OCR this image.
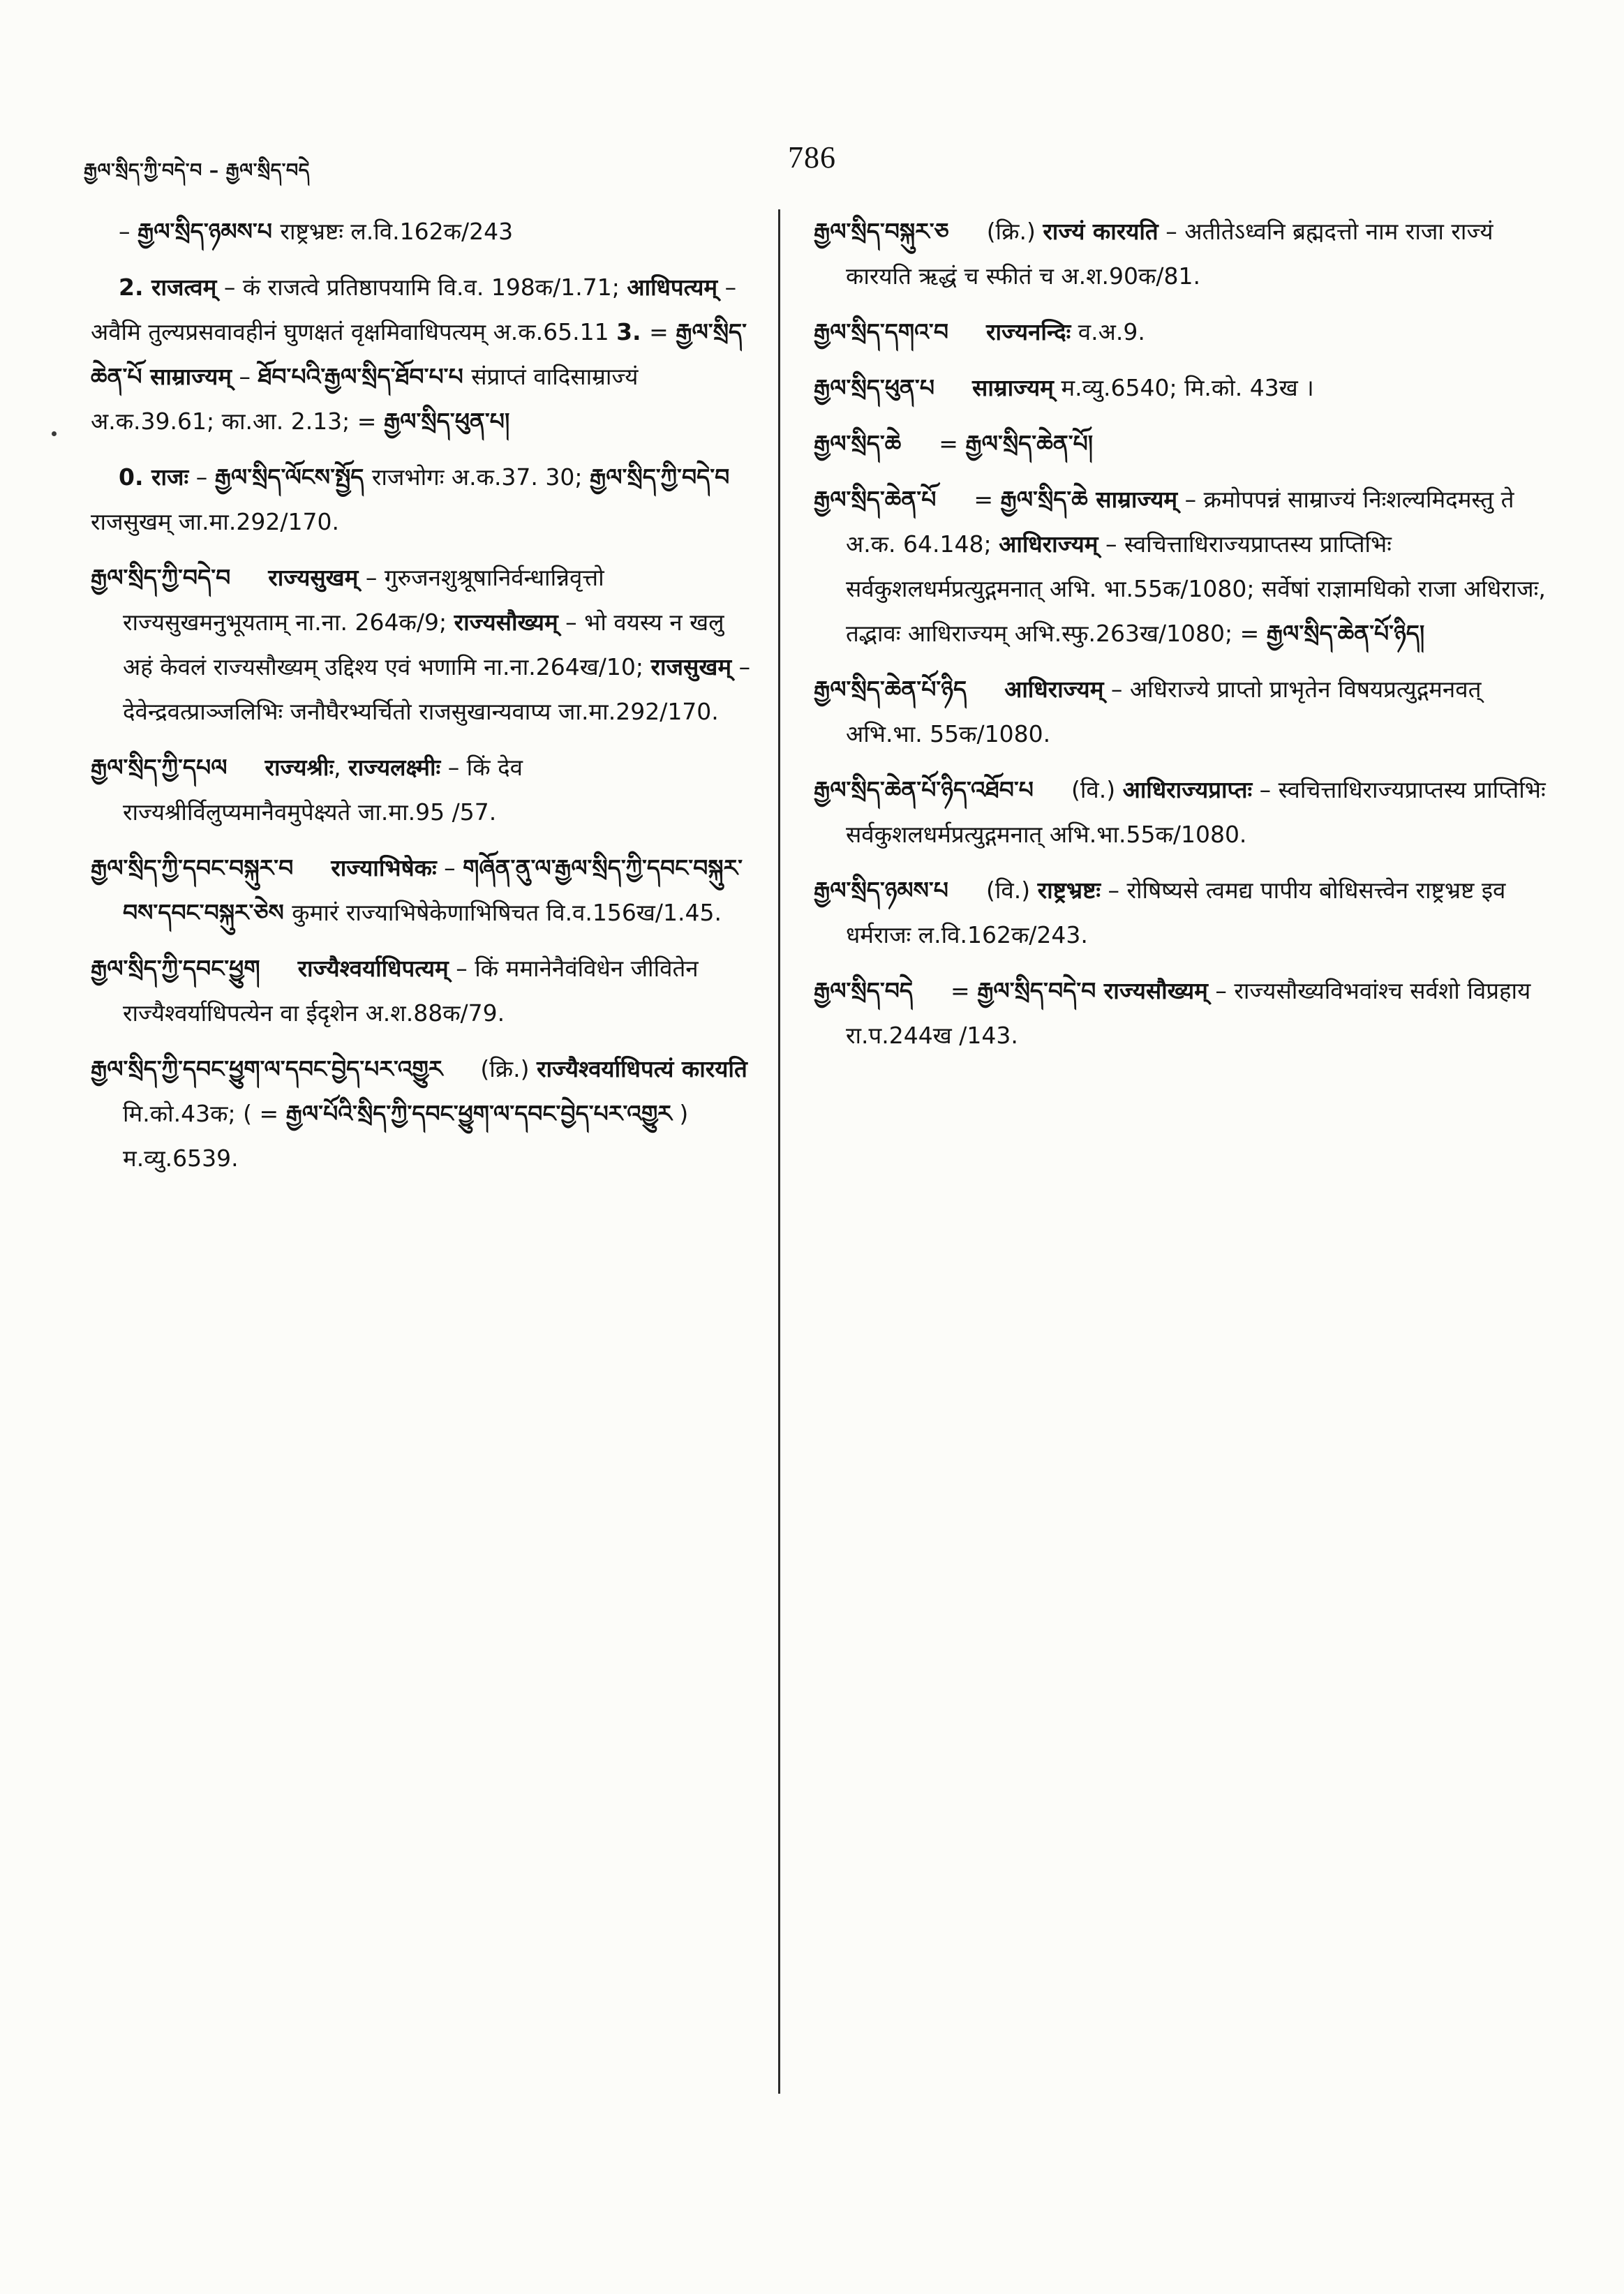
རྒྱལ་སྲིད་ཀྱི་བདེ་བ – རྒྱལ་སྲིད་བདེ	786

– རྒྱལ་སྲིད་ཉམས་པ राष्ट्रभ्रष्टः ल.वि.162क/243

2. राजत्वम् – कं राजत्वे प्रतिष्ठापयामि वि.व. 198क/1.71; आधिपत्यम् – अवैमि तुल्यप्रसवावहीनं घुणक्षतं वृक्षमिवाधिपत्यम् अ.क.65.11 3. = རྒྱལ་སྲིད་ཆེན་པོ साम्राज्यम् – ཐོབ་པའི་རྒྱལ་སྲིད་ཐོབ་པ་པ संप्राप्तं वादिसाम्राज्यं अ.क.39.61; का.आ. 2.13; = རྒྱལ་སྲིད་ཕུན་པ།

0. राजः – རྒྱལ་སྲིད་ལོངས་སྤྱོད राजभोगः अ.क.37. 30; རྒྱལ་སྲིད་ཀྱི་བདེ་བ राजसुखम् जा.मा.292/170.

རྒྱལ་སྲིད་ཀྱི་བདེ་བ राज्यसुखम् – गुरुजनशुश्रूषानिर्वन्धान्निवृत्तो राज्यसुखमनुभूयताम् ना.ना. 264क/9; राज्यसौख्यम् – भो वयस्य न खलु अहं केवलं राज्यसौख्यम् उद्दिश्य एवं भणामि ना.ना.264ख/10; राजसुखम् – देवेन्द्रवत्प्राञ्जलिभिः जनौघैरभ्यर्चितो राजसुखान्यवाप्य जा.मा.292/170.

རྒྱལ་སྲིད་ཀྱི་དཔལ राज्यश्रीः, राज्यलक्ष्मीः – किं देव राज्यश्रीर्विलुप्यमानैवमुपेक्ष्यते जा.मा.95 /57.

རྒྱལ་སྲིད་ཀྱི་དབང་བསྐུར་བ राज्याभिषेकः – གཞོན་ནུ་ལ་རྒྱལ་སྲིད་ཀྱི་དབང་བསྐུར་བས་དབང་བསྐུར་ཅེས कुमारं राज्याभिषेकेणाभिषिचत वि.व.156ख/1.45.

རྒྱལ་སྲིད་ཀྱི་དབང་ཕྱུག राज्यैश्वर्याधिपत्यम् – किं ममानेनैवंविधेन जीवितेन राज्यैश्वर्याधिपत्येन वा ईदृशेन अ.श.88क/79.

རྒྱལ་སྲིད་ཀྱི་དབང་ཕྱུག་ལ་དབང་བྱེད་པར་འགྱུར (क्रि.) राज्यैश्वर्याधिपत्यं कारयति मि.को.43क; ( = རྒྱལ་པོའི་སྲིད་ཀྱི་དབང་ཕྱུག་ལ་དབང་བྱེད་པར་འགྱུར ) म.व्यु.6539.

རྒྱལ་སྲིད་བསྐུར་ཅ (क्रि.) राज्यं कारयति – अतीतेऽध्वनि ब्रह्मदत्तो नाम राजा राज्यं कारयति ऋद्धं च स्फीतं च अ.श.90क/81.

རྒྱལ་སྲིད་དགའ་བ राज्यनन्दिः व.अ.9.

རྒྱལ་སྲིད་ཕུན་པ साम्राज्यम् म.व्यु.6540; मि.को. 43ख ।

རྒྱལ་སྲིད་ཆེ = རྒྱལ་སྲིད་ཆེན་པོ།

རྒྱལ་སྲིད་ཆེན་པོ = རྒྱལ་སྲིད་ཆེ साम्राज्यम् – क्रमोपपन्नं साम्राज्यं निःशल्यमिदमस्तु ते अ.क. 64.148; आधिराज्यम् – स्वचित्ताधिराज्यप्राप्तस्य प्राप्तिभिः सर्वकुशलधर्मप्रत्युद्गमनात् अभि. भा.55क/1080; सर्वेषां राज्ञामधिको राजा अधिराजः, तद्भावः आधिराज्यम् अभि.स्फु.263ख/1080; = རྒྱལ་སྲིད་ཆེན་པོ་ཉིད།

རྒྱལ་སྲིད་ཆེན་པོ་ཉིད आधिराज्यम् – अधिराज्ये प्राप्तो प्राभृतेन विषयप्रत्युद्गमनवत् अभि.भा. 55क/1080.

རྒྱལ་སྲིད་ཆེན་པོ་ཉིད་འཐོབ་པ (वि.) आधिराज्यप्राप्तः – स्वचित्ताधिराज्यप्राप्तस्य प्राप्तिभिः सर्वकुशलधर्मप्रत्युद्गमनात् अभि.भा.55क/1080.

རྒྱལ་སྲིད་ཉམས་པ (वि.) राष्ट्रभ्रष्टः – रोषिष्यसे त्वमद्य पापीय बोधिसत्त्वेन राष्ट्रभ्रष्ट इव धर्मराजः ल.वि.162क/243.

རྒྱལ་སྲིད་བདེ = རྒྱལ་སྲིད་བདེ་བ राज्यसौख्यम् – राज्यसौख्यविभवांश्च सर्वशो विप्रहाय रा.प.244ख /143.
